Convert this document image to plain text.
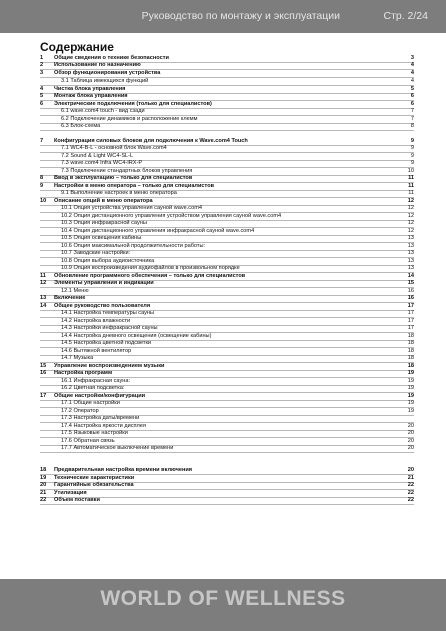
Руководство по монтажу и эксплуатации	Стр. 2/24
Содержание
1 Общие сведения о технике безопасности	3
2 Использование по назначению	4
3 Обзор функционирования устройства	4
3.1 Таблица имеющихся функций	4
4 Чистка блока управления	5
5 Монтаж блока управления	6
6 Электрические подключения (только для специалистов)	6
6.1 wave.com4 touch - вид сзади	7
6.2 Подключение динамиков и расположение клемм	7
6.3 Блок-схема	8
7 Конфигурация силовых блоков для подключения к Wave.com4 Touch	9
7.1 WC4-B-L - основной блок Wave.com4	9
7.2 Sound & Light WC4-SL-L	9
7.3 wave.com4 Infra WC4-IRX-P	9
7.3 Подключение стандартных блоков управления	10
8 Ввод в эксплуатацию – только для специалистов	11
9 Настройки в меню оператора – только для специалистов	11
9.1 Выполнение настроек в меню оператора	11
10 Описание опций в меню оператора	12
10.1 Опция устройства управления сауной wave.com4	12
10.2 Опция дистанционного управления устройством управления сауной wave.com4	12
10.3 Опция инфракрасной сауны	12
10.4 Опция дистанционного управления инфракрасной сауной wave.com4	12
10.5 Опция освещения кабины	13
10.6 Опция максимальной продолжительности работы:	13
10.7 Заводские настройки:	13
10.8 Опция выбора аудиоисточника	13
10.9 Опция воспроизведения аудиофайлов в произвольном порядке	13
11 Обновление программного обеспечения – только для специалистов	14
12 Элементы управления и индикации	15
12.1 Меню	16
13 Включение	16
14 Общее руководство пользователя	17
14.1 Настройка температуры сауны	17
14.2 Настройка влажности	17
14.3 Настройки инфракрасной сауны	17
14.4 Настройка дневного освещения (освещение кабины)	18
14.5 Настройка цветной подсветки	18
14.6 Вытяжной вентилятор	18
14.7 Музыка	18
15 Управление воспроизведением музыки	18
16 Настройка программ	19
16.1 Инфракрасная сауна:	19
16.2 Цветная подсветка:	19
17 Общие настройки/конфигурации	19
17.1 Общие настройки	19
17.2 Оператор	19
17.3 Настройка даты/времени
17.4 Настройка яркости дисплея	20
17.5 Языковые настройки	20
17.6 Обратная связь	20
17.7 Автоматическое выключение времени	20
18 Предварительная настройка времени включения	20
19 Технические характеристики	21
20 Гарантийные обязательства	22
21 Утилизация	22
22 Объем поставки	22
WORLD OF WELLNESS
